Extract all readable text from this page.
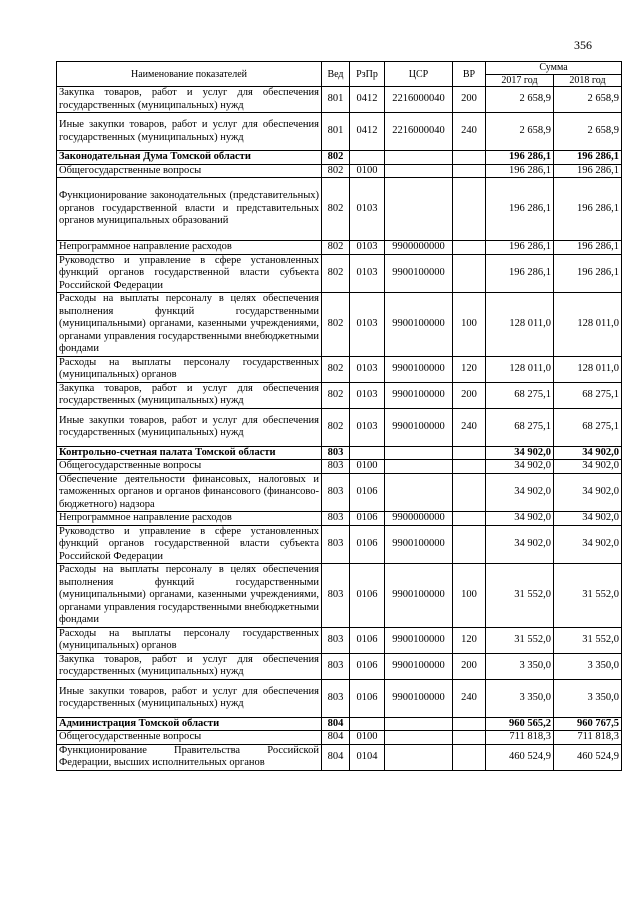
356
Наименование показателей	Вед	РзПр	ЦСР	ВР	Сумма	
					2017 год	2018 год
Закупка товаров, работ и услуг для обеспечения государственных (муниципальных) нужд	801	0412	2216000040	200	2 658,9	2 658,9
Иные закупки товаров, работ и услуг для обеспечения государственных (муниципальных) нужд	801	0412	2216000040	240	2 658,9	2 658,9
Законодательная Дума Томской области	802				196 286,1	196 286,1
Общегосударственные вопросы	802	0100			196 286,1	196 286,1
Функционирование законодательных (представительных) органов государственной власти и представительных органов муниципальных образований	802	0103			196 286,1	196 286,1
Непрограммное направление расходов	802	0103	9900000000		196 286,1	196 286,1
Руководство и управление в сфере установленных функций органов государственной власти субъекта Российской Федерации	802	0103	9900100000		196 286,1	196 286,1
Расходы на выплаты персоналу в целях обеспечения выполнения функций государственными (муниципальными) органами, казенными учреждениями, органами управления государственными внебюджетными фондами	802	0103	9900100000	100	128 011,0	128 011,0
Расходы на выплаты персоналу государственных (муниципальных) органов	802	0103	9900100000	120	128 011,0	128 011,0
Закупка товаров, работ и услуг для обеспечения государственных (муниципальных) нужд	802	0103	9900100000	200	68 275,1	68 275,1
Иные закупки товаров, работ и услуг для обеспечения государственных (муниципальных) нужд	802	0103	9900100000	240	68 275,1	68 275,1
Контрольно-счетная палата Томской области	803				34 902,0	34 902,0
Общегосударственные вопросы	803	0100			34 902,0	34 902,0
Обеспечение деятельности финансовых, налоговых и таможенных органов и органов финансового (финансово-бюджетного) надзора	803	0106			34 902,0	34 902,0
Непрограммное направление расходов	803	0106	9900000000		34 902,0	34 902,0
Руководство и управление в сфере установленных функций органов государственной власти субъекта Российской Федерации	803	0106	9900100000		34 902,0	34 902,0
Расходы на выплаты персоналу в целях обеспечения выполнения функций государственными (муниципальными) органами, казенными учреждениями, органами управления государственными внебюджетными фондами	803	0106	9900100000	100	31 552,0	31 552,0
Расходы на выплаты персоналу государственных (муниципальных) органов	803	0106	9900100000	120	31 552,0	31 552,0
Закупка товаров, работ и услуг для обеспечения государственных (муниципальных) нужд	803	0106	9900100000	200	3 350,0	3 350,0
Иные закупки товаров, работ и услуг для обеспечения государственных (муниципальных) нужд	803	0106	9900100000	240	3 350,0	3 350,0
Администрация Томской области	804				960 565,2	960 767,5
Общегосударственные вопросы	804	0100			711 818,3	711 818,3
Функционирование Правительства Российской Федерации, высших исполнительных органов	804	0104			460 524,9	460 524,9
